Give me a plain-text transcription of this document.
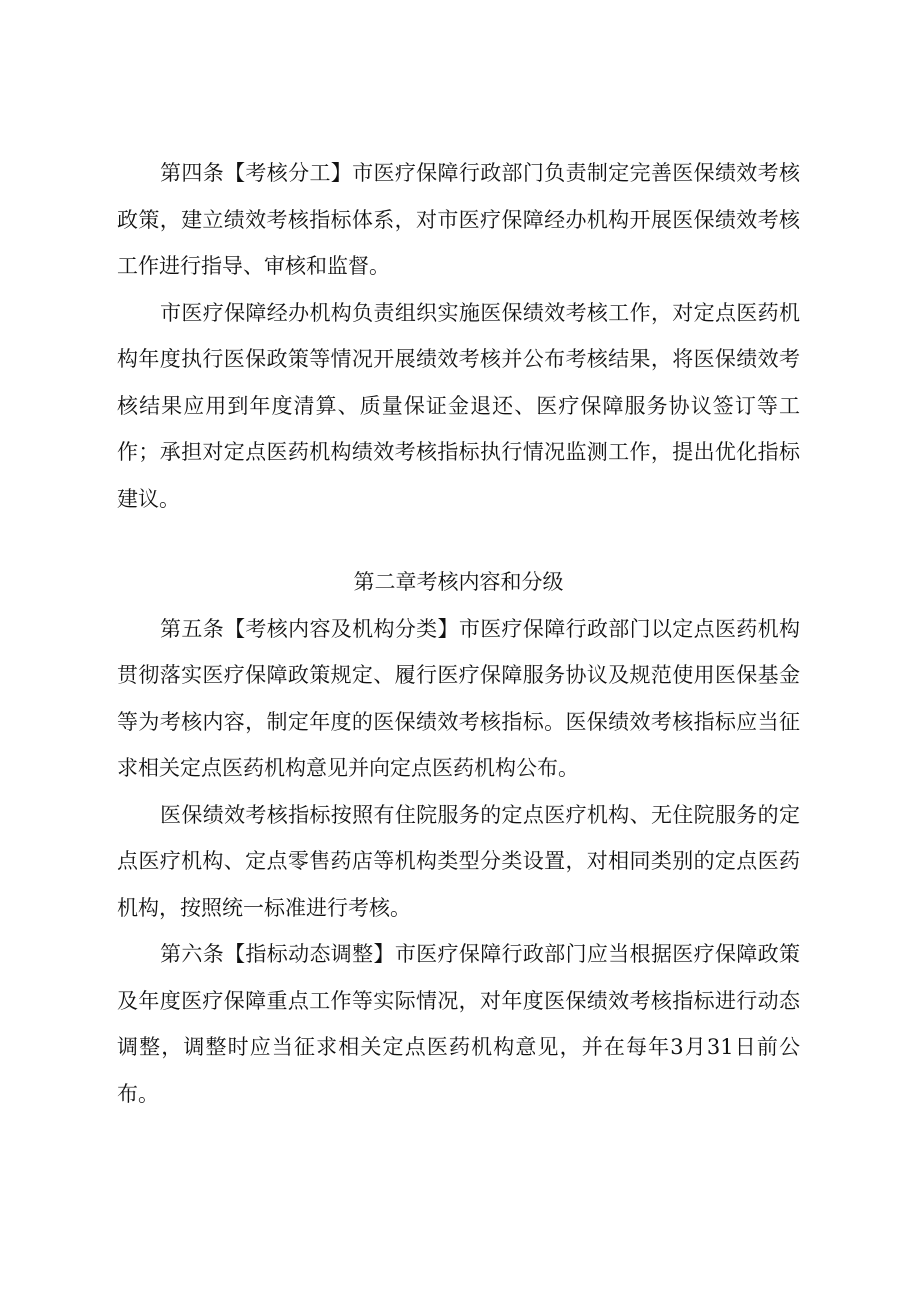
第四条【考核分工】市医疗保障行政部门负责制定完善医保绩效考核政策，建立绩效考核指标体系，对市医疗保障经办机构开展医保绩效考核工作进行指导、审核和监督。

市医疗保障经办机构负责组织实施医保绩效考核工作，对定点医药机构年度执行医保政策等情况开展绩效考核并公布考核结果，将医保绩效考核结果应用到年度清算、质量保证金退还、医疗保障服务协议签订等工作；承担对定点医药机构绩效考核指标执行情况监测工作，提出优化指标建议。

第二章考核内容和分级

第五条【考核内容及机构分类】市医疗保障行政部门以定点医药机构贯彻落实医疗保障政策规定、履行医疗保障服务协议及规范使用医保基金等为考核内容，制定年度的医保绩效考核指标。医保绩效考核指标应当征求相关定点医药机构意见并向定点医药机构公布。

医保绩效考核指标按照有住院服务的定点医疗机构、无住院服务的定点医疗机构、定点零售药店等机构类型分类设置，对相同类别的定点医药机构，按照统一标准进行考核。

第六条【指标动态调整】市医疗保障行政部门应当根据医疗保障政策及年度医疗保障重点工作等实际情况，对年度医保绩效考核指标进行动态调整，调整时应当征求相关定点医药机构意见，并在每年3月31日前公布。
